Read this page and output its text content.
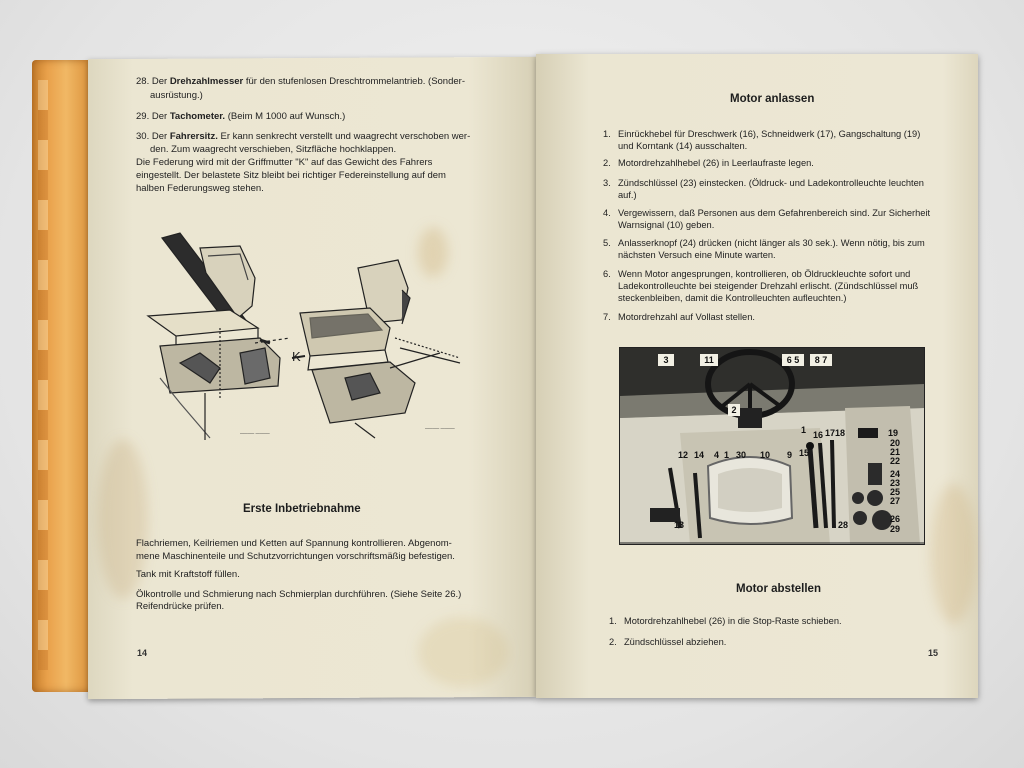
28. Der Drehzahlmesser für den stufenlosen Dreschtrommelantrieb. (Sonder-
ausrüstung.)
29. Der Tachometer. (Beim M 1000 auf Wunsch.)
30. Der Fahrersitz. Er kann senkrecht verstellt und waagrecht verschoben wer-
den. Zum waagrecht verschieben, Sitzfläche hochklappen.
Die Federung wird mit der Griffmutter "K" auf das Gewicht des Fahrers
eingestellt. Der belastete Sitz bleibt bei richtiger Federeinstellung auf dem
halben Federungsweg stehen.
K
──── ────
──── ────
Erste Inbetriebnahme
Flachriemen, Keilriemen und Ketten auf Spannung kontrollieren. Abgenom-
mene Maschinenteile und Schutzvorrichtungen vorschriftsmäßig befestigen.
Tank mit Kraftstoff füllen.
Ölkontrolle und Schmierung nach Schmierplan durchführen. (Siehe Seite 26.)
Reifendrücke prüfen.
14
Motor anlassen
1. Einrückhebel für Dreschwerk (16), Schneidwerk (17), Gangschaltung (19)
und Korntank (14) ausschalten.
2. Motordrehzahlhebel (26) in Leerlaufraste legen.
3. Zündschlüssel (23) einstecken. (Öldruck- und Ladekontrolleuchte leuchten
auf.)
4. Vergewissern, daß Personen aus dem Gefahrenbereich sind. Zur Sicherheit
Warnsignal (10) geben.
5. Anlasserknopf (24) drücken (nicht länger als 30 sek.). Wenn nötig, bis zum
nächsten Versuch eine Minute warten.
6. Wenn Motor angesprungen, kontrollieren, ob Öldruckleuchte sofort und
Ladekontrolleuchte bei steigender Drehzahl erlischt. (Zündschlüssel muß
steckenbleiben, damit die Kontrolleuchten aufleuchten.)
7. Motordrehzahl auf Vollast stellen.
3	11	6 5	8 7
2
1
12 14 4 1 30 10 9 15
16 17 18	19
20
21
22
24
23
25
27
28
26
29
13
Motor abstellen
1. Motordrehzahlhebel (26) in die Stop-Raste schieben.
2. Zündschlüssel abziehen.
15
